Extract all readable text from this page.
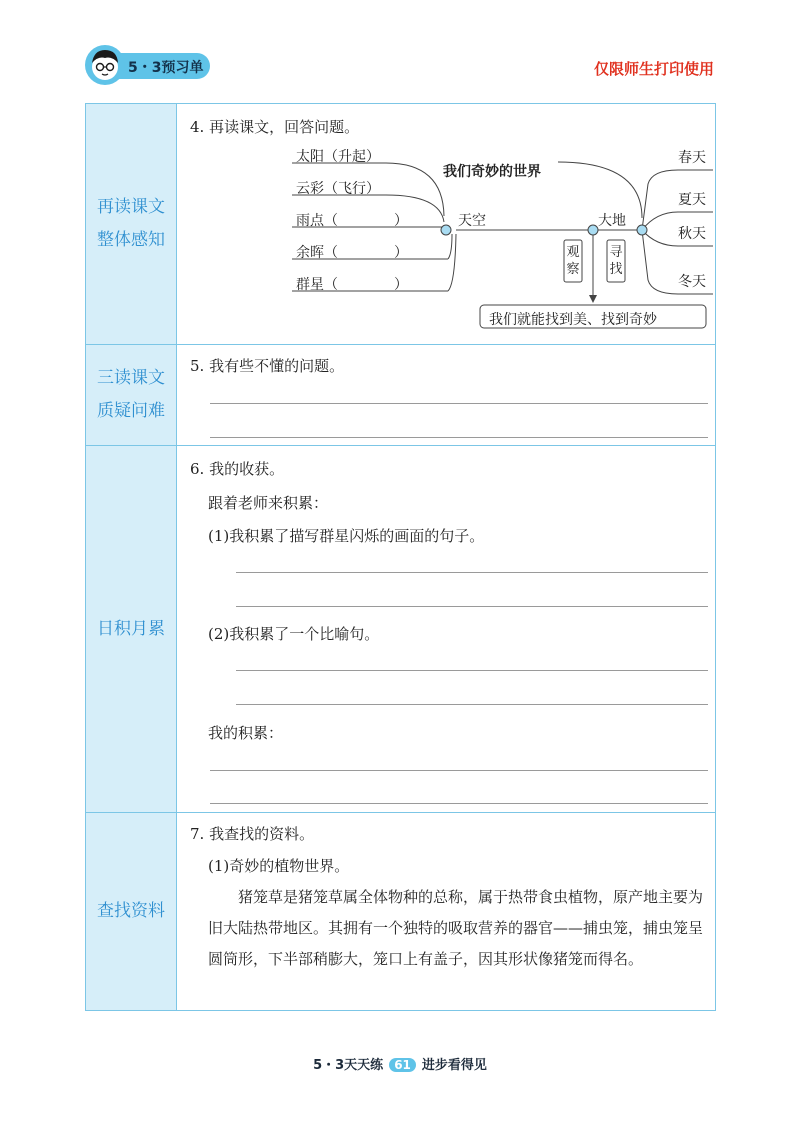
5・3预习单	仅限师生打印使用
再读课文整体感知
4. 再读课文，回答问题。
太阳（升起）
云彩（飞行）
雨点（　　　　）
余晖（　　　　）
群星（　　　　）
我们奇妙的世界
天空	大地
观察
寻找
春天
夏天
秋天
冬天
我们就能找到美、找到奇妙
三读课文质疑问难
5. 我有些不懂的问题。
日积月累
6. 我的收获。
跟着老师来积累：
(1)我积累了描写群星闪烁的画面的句子。
(2)我积累了一个比喻句。
我的积累：
查找资料
7. 我查找的资料。
(1)奇妙的植物世界。
猪笼草是猪笼草属全体物种的总称，属于热带食虫植物，原产地主要为旧大陆热带地区。其拥有一个独特的吸取营养的器官——捕虫笼，捕虫笼呈圆筒形，下半部稍膨大，笼口上有盖子，因其形状像猪笼而得名。
5・3天天练 61 进步看得见
